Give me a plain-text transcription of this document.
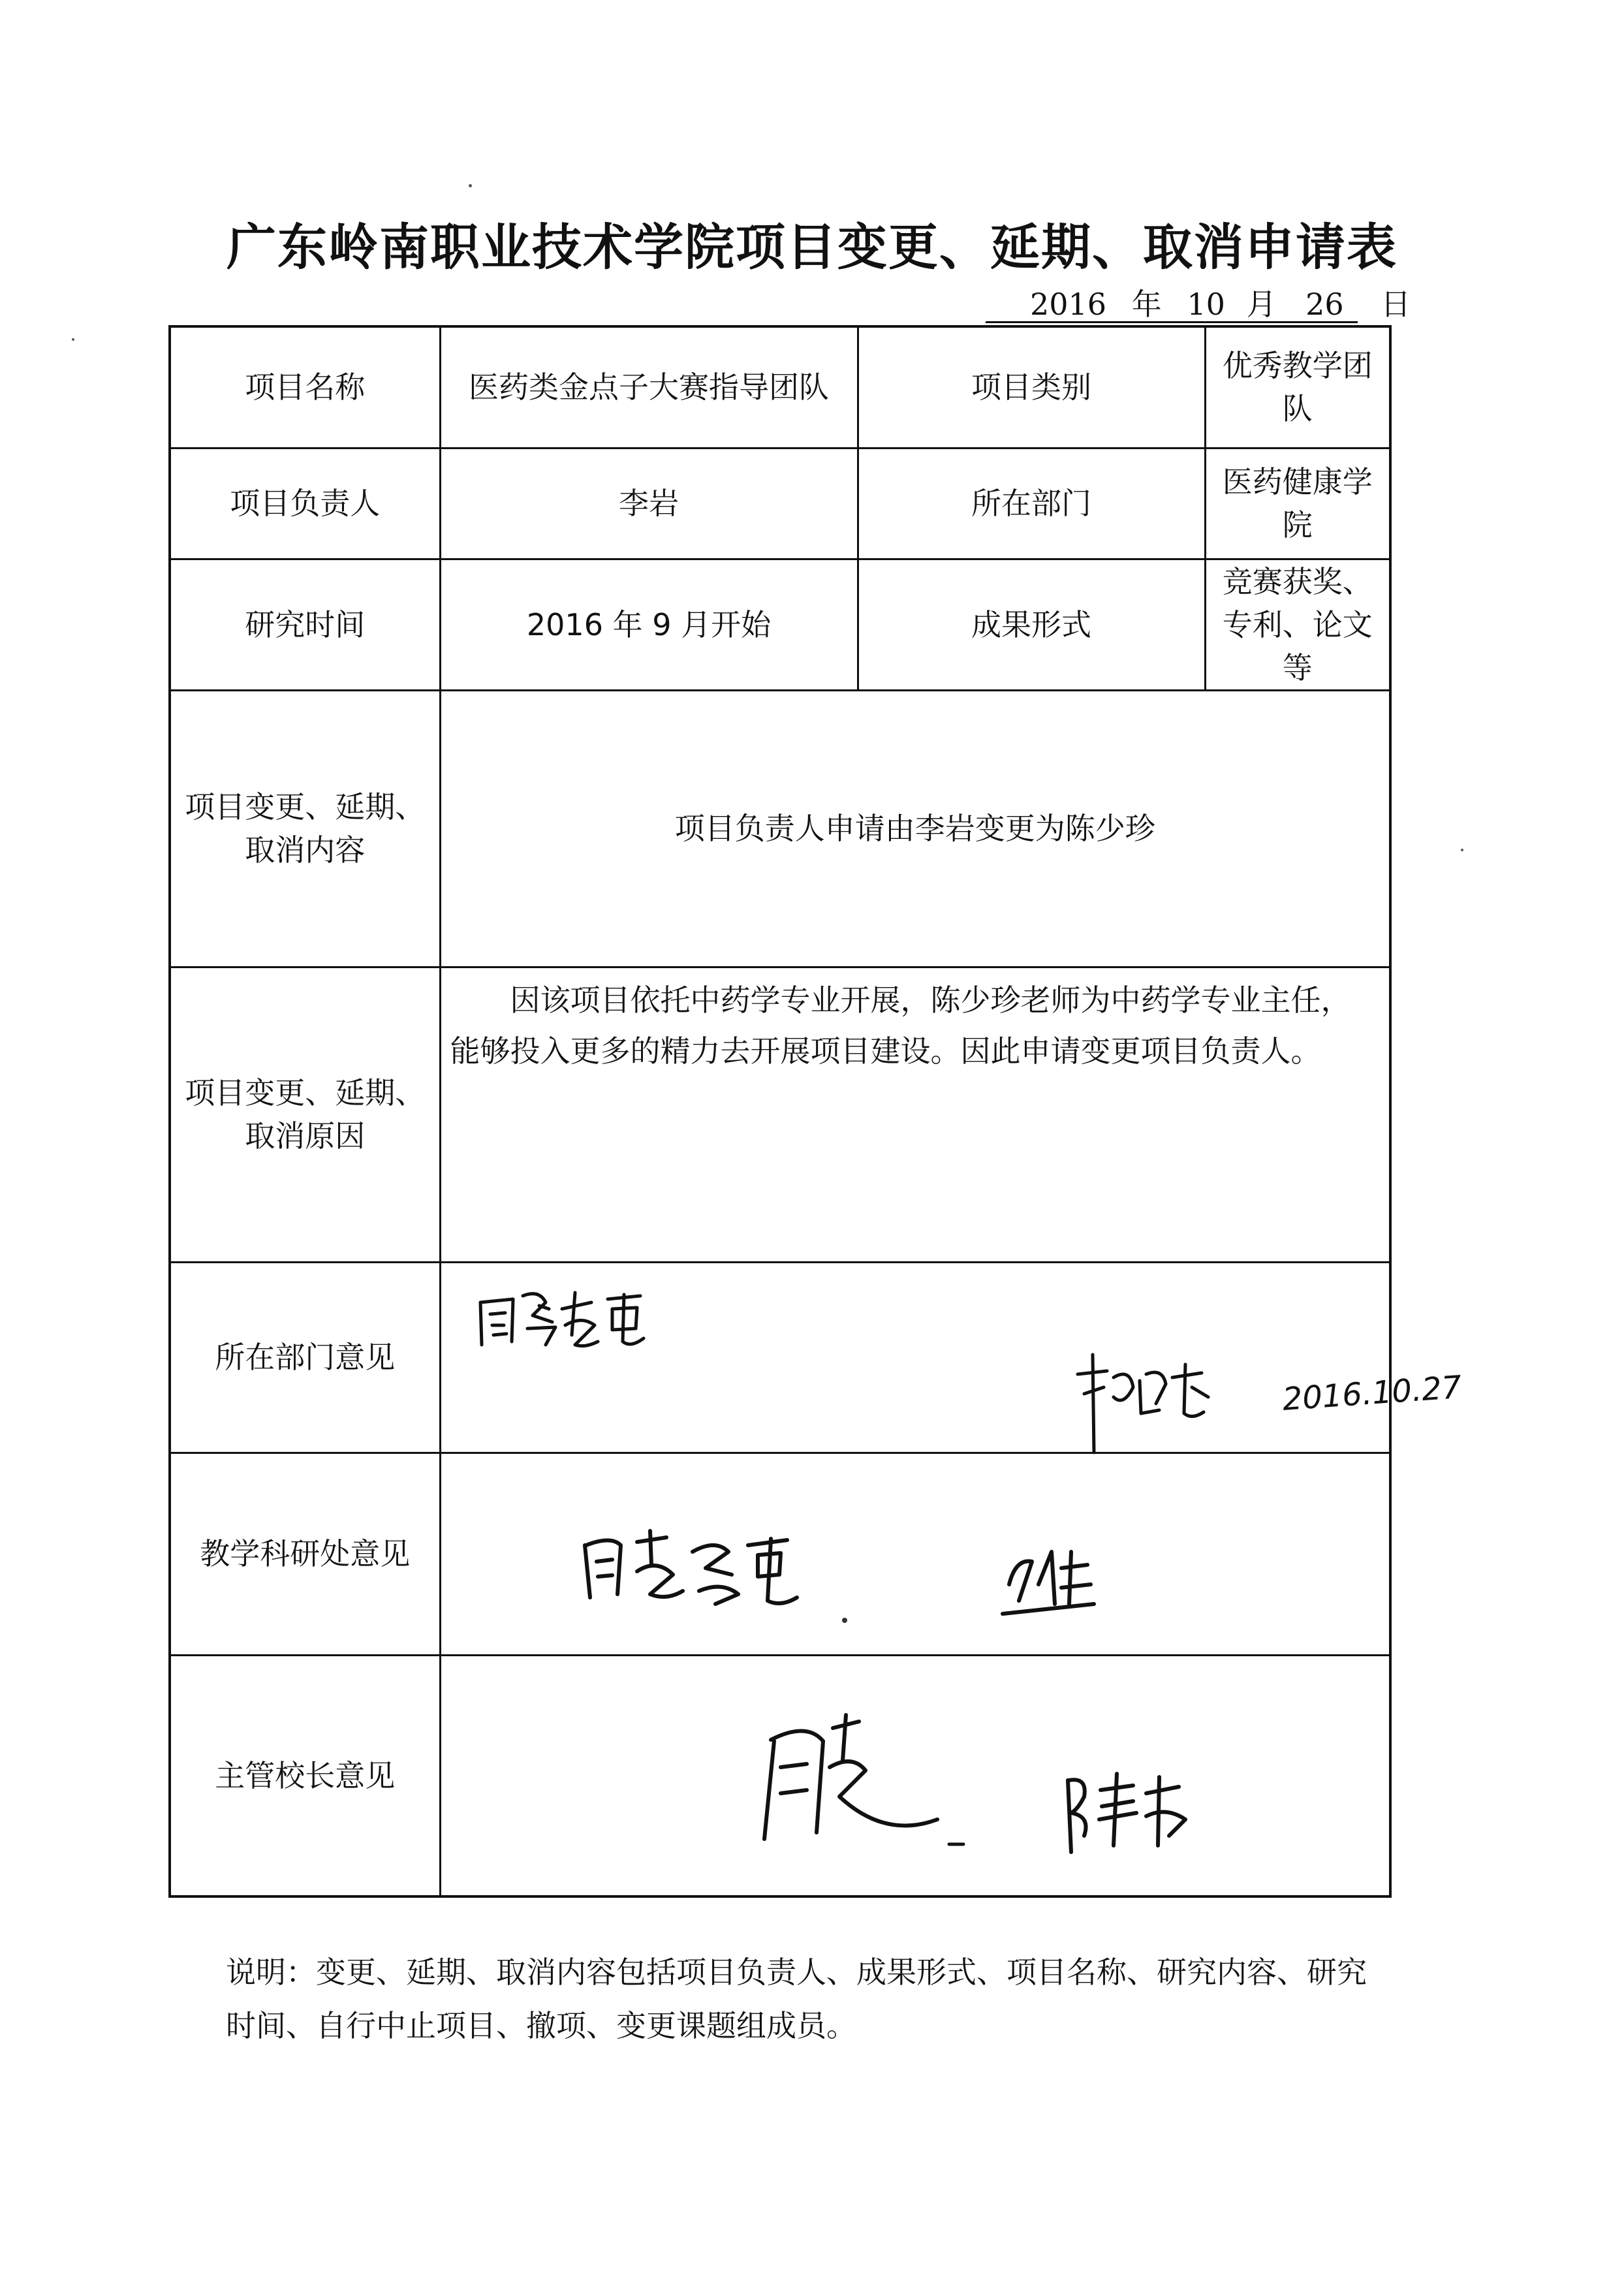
广东岭南职业技术学院项目变更、延期、取消申请表
2016 年 10 月 26 日
项目名称	医药类金点子大赛指导团队	项目类别	优秀教学团队
项目负责人	李岩	所在部门	医药健康学院
研究时间	2016 年 9 月开始	成果形式	竞赛获奖、专利、论文等
项目变更、延期、取消内容	项目负责人申请由李岩变更为陈少珍		
项目变更、延期、取消原因	因该项目依托中药学专业开展，陈少珍老师为中药学专业主任，能够投入更多的精力去开展项目建设。因此申请变更项目负责人。		

所在部门意见	2016.10.27		

教学科研处意见	

主管校长意见	

说明：变更、延期、取消内容包括项目负责人、成果形式、项目名称、研究内容、研究时间、自行中止项目、撤项、变更课题组成员。
